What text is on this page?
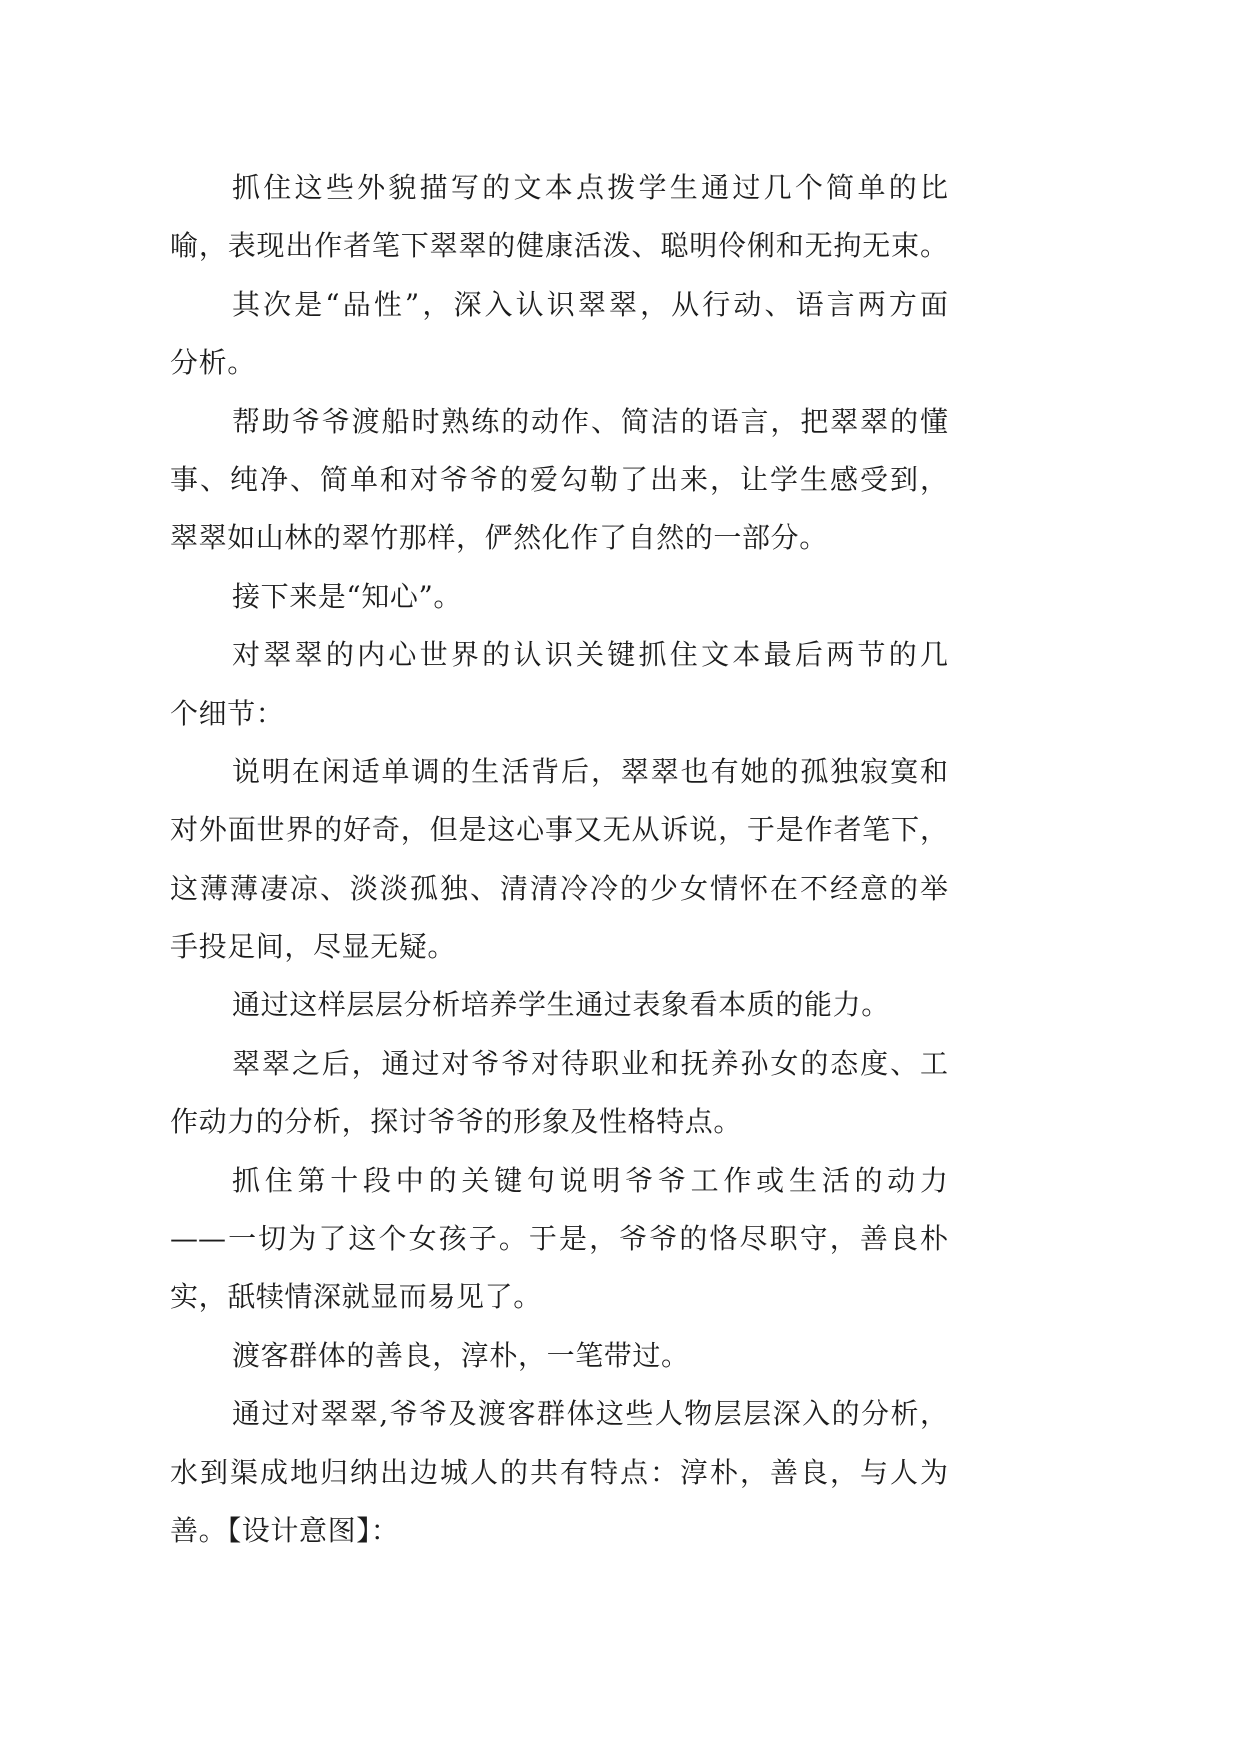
抓住这些外貌描写的文本点拨学生通过几个简单的比
喻，表现出作者笔下翠翠的健康活泼、聪明伶俐和无拘无束。
其次是“品性”，深入认识翠翠，从行动、语言两方面
分析。
帮助爷爷渡船时熟练的动作、简洁的语言，把翠翠的懂
事、纯净、简单和对爷爷的爱勾勒了出来，让学生感受到，
翠翠如山林的翠竹那样，俨然化作了自然的一部分。
接下来是“知心”。
对翠翠的内心世界的认识关键抓住文本最后两节的几
个细节：
说明在闲适单调的生活背后，翠翠也有她的孤独寂寞和
对外面世界的好奇，但是这心事又无从诉说，于是作者笔下，
这薄薄凄凉、淡淡孤独、清清冷冷的少女情怀在不经意的举
手投足间，尽显无疑。
通过这样层层分析培养学生通过表象看本质的能力。
翠翠之后，通过对爷爷对待职业和抚养孙女的态度、工
作动力的分析，探讨爷爷的形象及性格特点。
抓住第十段中的关键句说明爷爷工作或生活的动力
——一切为了这个女孩子。于是，爷爷的恪尽职守，善良朴
实，舐犊情深就显而易见了。
渡客群体的善良，淳朴，一笔带过。
通过对翠翠,爷爷及渡客群体这些人物层层深入的分析，
水到渠成地归纳出边城人的共有特点：淳朴，善良，与人为
善。【设计意图】：
